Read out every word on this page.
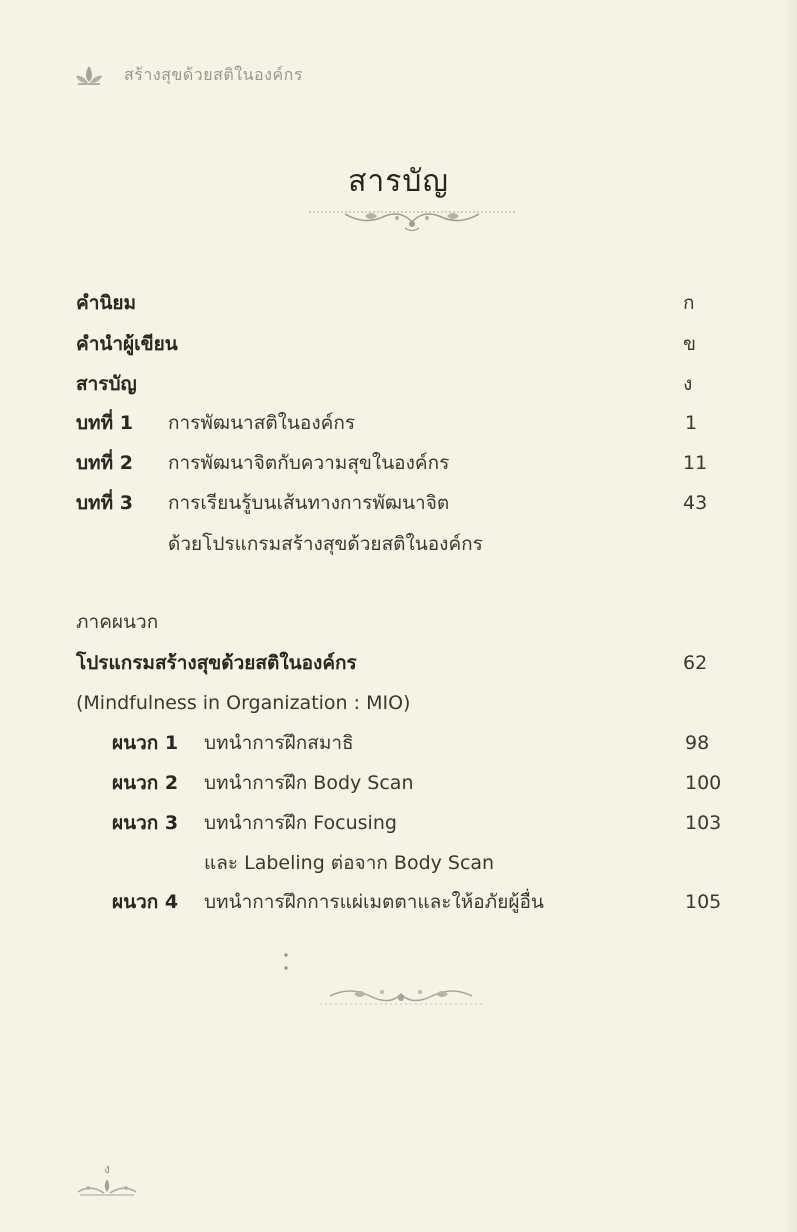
สร้างสุขด้วยสติในองค์กร
สารบัญ
คำนิยม	ก
คำนำผู้เขียน	ข
สารบัญ	ง
บทที่ 1	การพัฒนาสติในองค์กร	1
บทที่ 2	การพัฒนาจิตกับความสุขในองค์กร	11
บทที่ 3	การเรียนรู้บนเส้นทางการพัฒนาจิต	43
ด้วยโปรแกรมสร้างสุขด้วยสติในองค์กร
ภาคผนวก
โปรแกรมสร้างสุขด้วยสติในองค์กร	62
(Mindfulness in Organization : MIO)
ผนวก 1	บทนำการฝึกสมาธิ	98
ผนวก 2	บทนำการฝึก Body Scan	100
ผนวก 3	บทนำการฝึก Focusing	103
และ Labeling ต่อจาก Body Scan
ผนวก 4	บทนำการฝึกการแผ่เมตตาและให้อภัยผู้อื่น	105
ง
